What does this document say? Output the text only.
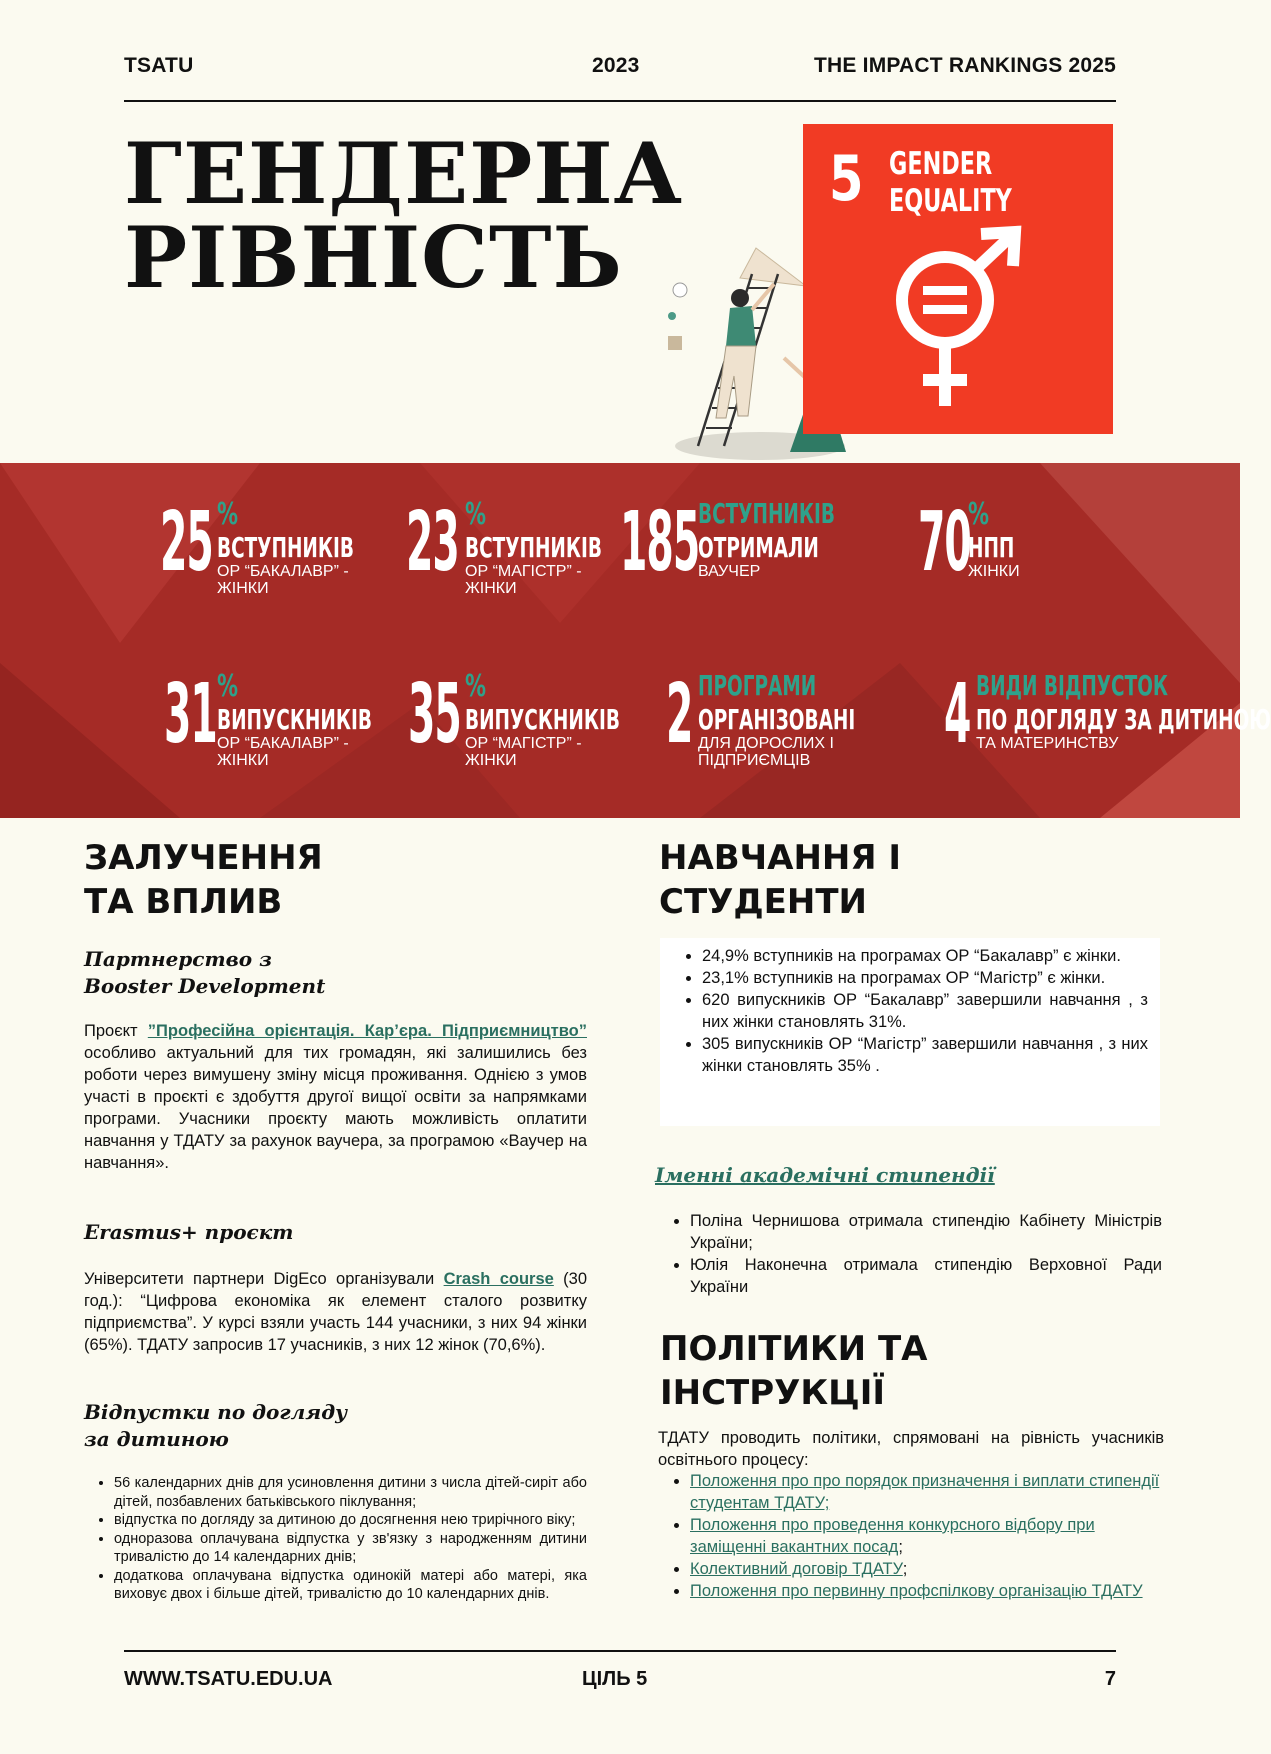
TSATU	2023	THE IMPACT RANKINGS 2025
ГЕНДЕРНА
РІВНІСТЬ
5 GENDER
EQUALITY
25 %
ВСТУПНИКІВ
ОР “БАКАЛАВР” -
ЖІНКИ	23 %
ВСТУПНИКІВ
ОР “МАГІСТР” -
ЖІНКИ	185
ВСТУПНИКІВ
ОТРИМАЛИ
ВАУЧЕР 70
%
НПП
ЖІНКИ
31 %
ВИПУСКНИКІВ
ОР “БАКАЛАВР” -
ЖІНКИ	35 %
ВИПУСКНИКІВ
ОР “МАГІСТР” -
ЖІНКИ	2 ПРОГРАМИ
ОРГАНІЗОВАНІ
ДЛЯ ДОРОСЛИХ І
ПІДПРИЄМЦІВ 4 ВИДИ ВІДПУСТОК
ПО ДОГЛЯДУ ЗА ДИТИНОЮ
ТА МАТЕРИНСТВУ
ЗАЛУЧЕННЯ
ТА ВПЛИВ
Партнерство з
Booster Development

Проєкт ”Професійна орієнтація. Кар’єра. Підприємництво” особливо актуальний для тих громадян, які залишились без роботи через вимушену зміну місця проживання. Однією з умов участі в проєкті є здобуття другої вищої освіти за напрямками програми. Учасники проєкту мають можливість оплатити навчання у ТДАТУ за рахунок ваучера, за програмою «Ваучер на навчання».

Erasmus+ проєкт

Університети партнери DigEco організували Crash course (30 год.): “Цифрова економіка як елемент сталого розвитку підприємства”. У курсі взяли участь 144 учасники, з них 94 жінки (65%). ТДАТУ запросив 17 учасників, з них 12 жінок (70,6%).

Відпустки по догляду
за дитиною
• 56 календарних днів для усиновлення дитини з числа дітей-сиріт або дітей, позбавлених батьківського піклування;
• відпустка по догляду за дитиною до досягнення нею трирічного віку;
• одноразова оплачувана відпустка у зв'язку з народженням дитини тривалістю до 14 календарних днів;
• додаткова оплачувана відпустка одинокій матері або матері, яка виховує двох і більше дітей, тривалістю до 10 календарних днів.
НАВЧАННЯ І
СТУДЕНТИ
• 24,9% вступників на програмах ОР “Бакалавр” є жінки.
• 23,1% вступників на програмах ОР “Магістр” є жінки.
• 620 випускників ОР “Бакалавр” завершили навчання , з них жінки становлять 31%.
• 305 випускників ОР “Магістр” завершили навчання , з них жінки становлять 35% .
Іменні академічні стипендії
• Поліна Чернишова отримала стипендію Кабінету Міністрів України;
• Юлія Наконечна отримала стипендію Верховної Ради України
ПОЛІТИКИ ТА
ІНСТРУКЦІЇ

ТДАТУ проводить політики, спрямовані на рівність учасників освітнього процесу:

• Положення про про порядок призначення і виплати стипендії студентам ТДАТУ;
• Положення про проведення конкурсного відбору при заміщенні вакантних посад;
• Колективний договір ТДАТУ;
• Положення про первинну профспілкову організацію ТДАТУ
WWW.TSATU.EDU.UA	ЦІЛЬ 5	7
